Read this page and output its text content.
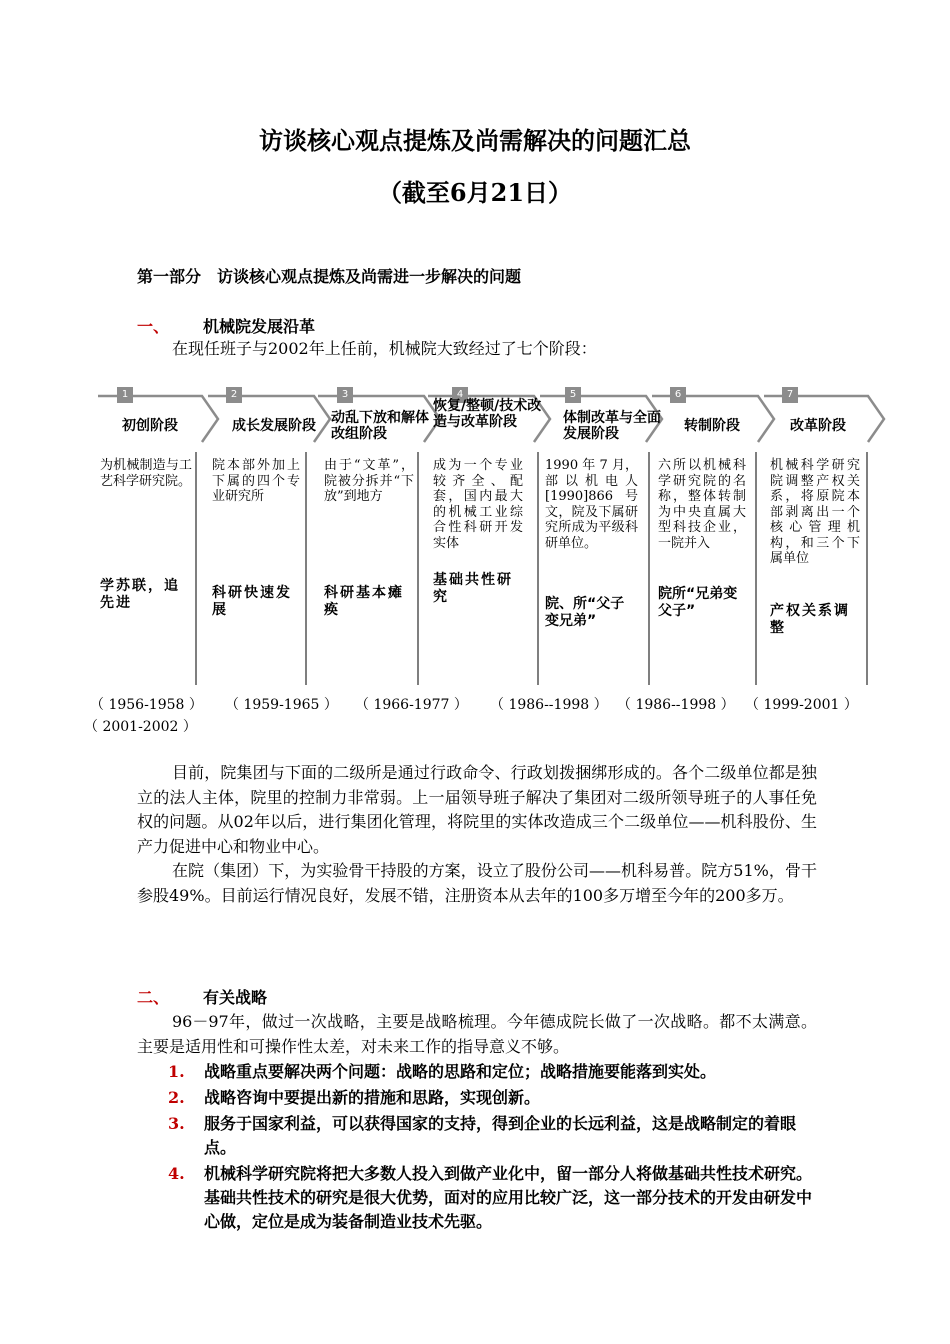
访谈核心观点提炼及尚需解决的问题汇总
（截至6月21日）
第一部分　访谈核心观点提炼及尚需进一步解决的问题
一、 机械院发展沿革
在现任班子与2002年上任前，机械院大致经过了七个阶段：
1
初创阶段
2
成长发展阶段
3
动乱下放和解体改组阶段
4
恢复/整顿/技术改造与改革阶段
5
体制改革与全面发展阶段
6
转制阶段
7
改革阶段
为机械制造与工艺科学研究院。
学苏联，追先进
院本部外加上下属的四个专业研究所
科研快速发展
由于“文革”，院被分拆并“下放”到地方
科研基本瘫痪
成为一个专业较齐全、配套，国内最大的机械工业综合性科研开发实体
基础共性研究
1990 年 7 月，部以机电人 [1990]866号文，院及下属研究所成为平级科研单位。
院、所“父子变兄弟”
六所以机械科学研究院的名称，整体转制为中央直属大型科技企业，一院并入
院所“兄弟变父子”
机械科学研究院调整产权关系，将原院本部剥离出一个核心管理机构，和三个下属单位
产权关系调整
（ 1956-1958 ） （ 1959-1965 ） （ 1966-1977 ） （ 1986--1998 ） （ 1986--1998 ） （ 1999-2001 ）
（ 2001-2002 ）
目前，院集团与下面的二级所是通过行政命令、行政划拨捆绑形成的。各个二级单位都是独立的法人主体，院里的控制力非常弱。上一届领导班子解决了集团对二级所领导班子的人事任免权的问题。从02年以后，进行集团化管理，将院里的实体改造成三个二级单位——机科股份、生产力促进中心和物业中心。
在院（集团）下，为实验骨干持股的方案，设立了股份公司——机科易普。院方51%，骨干参股49%。目前运行情况良好，发展不错，注册资本从去年的100多万增至今年的200多万。
二、 有关战略
96－97年，做过一次战略，主要是战略梳理。今年德成院长做了一次战略。都不太满意。主要是适用性和可操作性太差，对未来工作的指导意义不够。
1. 战略重点要解决两个问题：战略的思路和定位；战略措施要能落到实处。
2. 战略咨询中要提出新的措施和思路，实现创新。
3. 服务于国家利益，可以获得国家的支持，得到企业的长远利益，这是战略制定的着眼点。
4. 机械科学研究院将把大多数人投入到做产业化中，留一部分人将做基础共性技术研究。基础共性技术的研究是很大优势，面对的应用比较广泛，这一部分技术的开发由研发中心做，定位是成为装备制造业技术先驱。
